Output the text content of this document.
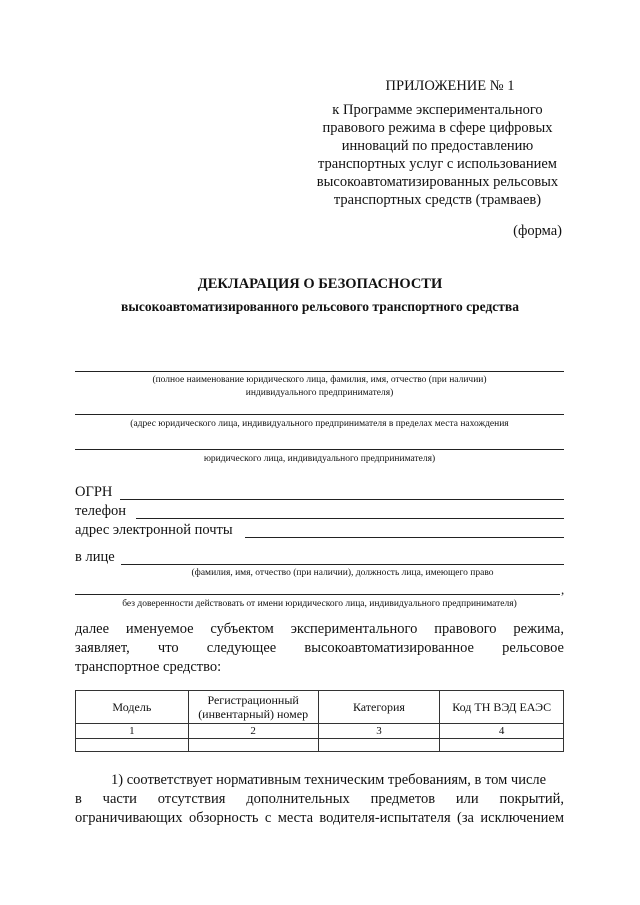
ПРИЛОЖЕНИЕ № 1
к Программе экспериментального
правового режима в сфере цифровых
инноваций по предоставлению
транспортных услуг с использованием
высокоавтоматизированных рельсовых
транспортных средств (трамваев)
(форма)
ДЕКЛАРАЦИЯ О БЕЗОПАСНОСТИ
высокоавтоматизированного рельсового транспортного средства
(полное наименование юридического лица, фамилия, имя, отчество (при наличии)
индивидуального предпринимателя)
(адрес юридического лица, индивидуального предпринимателя в пределах места нахождения
юридического лица, индивидуального предпринимателя)
ОГРН
телефон
адрес электронной почты
в лице
(фамилия, имя, отчество (при наличии), должность лица, имеющего право
,
без доверенности действовать от имени юридического лица, индивидуального предпринимателя)
далее именуемое субъектом экспериментального правового режима,
заявляет, что следующее высокоавтоматизированное рельсовое
транспортное средство:
Модель	Регистрационный (инвентарный) номер	Категория	Код ТН ВЭД ЕАЭС
1	2	3	4

1) соответствует нормативным техническим требованиям, в том числе
в части отсутствия дополнительных предметов или покрытий,
ограничивающих обзорность с места водителя-испытателя (за исключением
